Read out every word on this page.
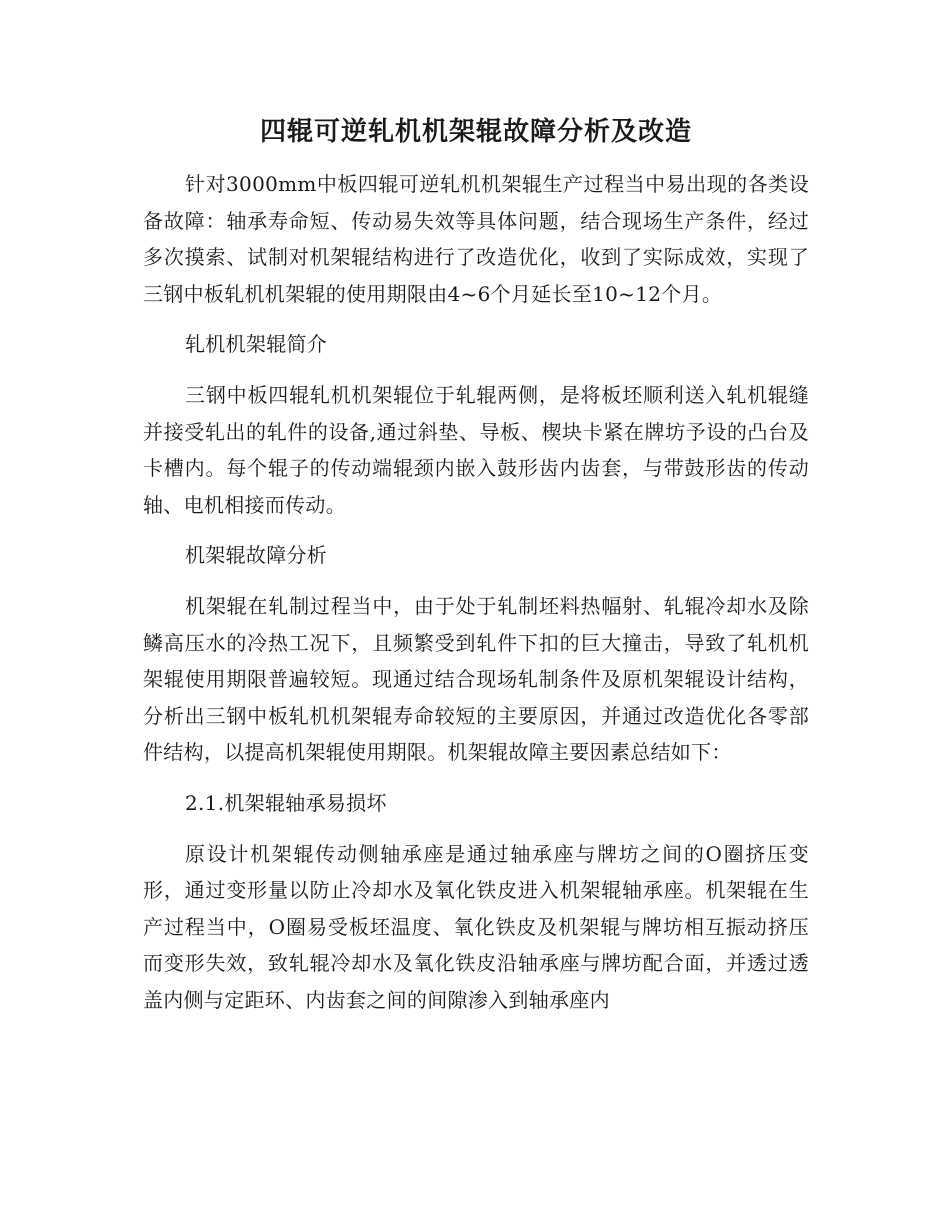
四辊可逆轧机机架辊故障分析及改造

针对3000mm中板四辊可逆轧机机架辊生产过程当中易出现的各类设备故障：轴承寿命短、传动易失效等具体问题，结合现场生产条件，经过多次摸索、试制对机架辊结构进行了改造优化，收到了实际成效，实现了三钢中板轧机机架辊的使用期限由4~6个月延长至10~12个月。

轧机机架辊简介

三钢中板四辊轧机机架辊位于轧辊两侧，是将板坯顺利送入轧机辊缝并接受轧出的轧件的设备,通过斜垫、导板、楔块卡紧在牌坊予设的凸台及卡槽内。每个辊子的传动端辊颈内嵌入鼓形齿内齿套，与带鼓形齿的传动轴、电机相接而传动。

机架辊故障分析

机架辊在轧制过程当中，由于处于轧制坯料热幅射、轧辊冷却水及除鳞高压水的冷热工况下，且频繁受到轧件下扣的巨大撞击，导致了轧机机架辊使用期限普遍较短。现通过结合现场轧制条件及原机架辊设计结构，分析出三钢中板轧机机架辊寿命较短的主要原因，并通过改造优化各零部件结构，以提高机架辊使用期限。机架辊故障主要因素总结如下：

2.1.机架辊轴承易损坏

原设计机架辊传动侧轴承座是通过轴承座与牌坊之间的O圈挤压变形，通过变形量以防止冷却水及氧化铁皮进入机架辊轴承座。机架辊在生产过程当中，O圈易受板坯温度、氧化铁皮及机架辊与牌坊相互振动挤压而变形失效，致轧辊冷却水及氧化铁皮沿轴承座与牌坊配合面，并透过透盖内侧与定距环、内齿套之间的间隙渗入到轴承座内
